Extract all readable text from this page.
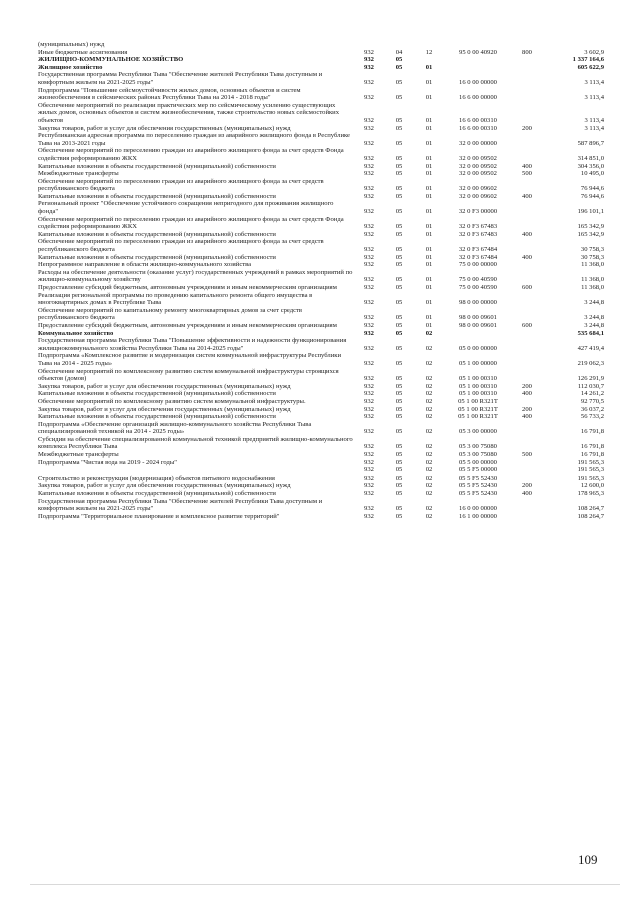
(муниципальных) нужд						
Иные бюджетные ассигнования	932	04	12	95 0 00 40920	800	3 602,9
ЖИЛИЩНО-КОММУНАЛЬНОЕ ХОЗЯЙСТВО	932	05				1 337 164,6
Жилищное хозяйство	932	05	01			605 622,9
Государственная программа Республики Тыва "Обеспечение жителей Республики Тыва доступным и комфортным жильем на 2021-2025 годы"	932	05	01	16 0 00 00000		3 113,4
Подпрограмма "Повышение сейсмоустойчивости жилых домов, основных объектов и систем жизнеобеспечения в сейсмических районах Республики Тыва на 2014 - 2018 годы"	932	05	01	16 6 00 00000		3 113,4
Обеспечение мероприятий по реализации практических мер по сейсмическому усилению существующих жилых домов, основных объектов и систем жизнеобеспечения, также строительство новых сейсмостойких объектов	932	05	01	16 6 00 00310		3 113,4
Закупка товаров, работ и услуг для обеспечения государственных (муниципальных) нужд	932	05	01	16 6 00 00310	200	3 113,4
Республиканская адресная программа по переселению граждан из аварийного жилищного фонда в Республике Тыва на 2013-2021 годы	932	05	01	32 0 00 00000		587 896,7
Обеспечение мероприятий по переселению граждан из аварийного жилищного фонда за счет средств Фонда содействия реформированию ЖКХ	932	05	01	32 0 00 09502		314 851,0
Капитальные вложения в объекты государственной (муниципальной) собственности	932	05	01	32 0 00 09502	400	304 356,0
Межбюджетные трансферты	932	05	01	32 0 00 09502	500	10 495,0
Обеспечение мероприятий по переселению граждан из аварийного жилищного фонда за счет средств республиканского бюджета	932	05	01	32 0 00 09602		76 944,6
Капитальные вложения в объекты государственной (муниципальной) собственности	932	05	01	32 0 00 09602	400	76 944,6
Региональный проект "Обеспечение устойчивого сокращения непригодного для проживания жилищного фонда"	932	05	01	32 0 F3 00000		196 101,1
Обеспечение мероприятий по переселению граждан из аварийного жилищного фонда за счет средств Фонда содействия реформированию ЖКХ	932	05	01	32 0 F3 67483		165 342,9
Капитальные вложения в объекты государственной (муниципальной) собственности	932	05	01	32 0 F3 67483	400	165 342,9
Обеспечение мероприятий по переселению граждан из аварийного жилищного фонда за счет средств республиканского бюджета	932	05	01	32 0 F3 67484		30 758,3
Капитальные вложения в объекты государственной (муниципальной) собственности	932	05	01	32 0 F3 67484	400	30 758,3
Непрограммное направление в области жилищно-коммунального хозяйства	932	05	01	75 0 00 00000		11 368,0
Расходы на обеспечение деятельности (оказание услуг) государственных учреждений в рамках мероприятий по жилищно-коммунальному хозяйству	932	05	01	75 0 00 40590		11 368,0
Предоставление субсидий бюджетным, автономным учреждениям и иным некоммерческим организациям	932	05	01	75 0 00 40590	600	11 368,0
Реализация региональной программы по проведению капитального ремонта общего имущества в многоквартирных домах в Республике Тыва	932	05	01	98 0 00 00000		3 244,8
Обеспечение мероприятий по капитальному ремонту многоквартирных домов за счет средств республиканского бюджета	932	05	01	98 0 00 09601		3 244,8
Предоставление субсидий бюджетным, автономным учреждениям и иным некоммерческим организациям	932	05	01	98 0 00 09601	600	3 244,8
Коммунальное хозяйство	932	05	02			535 684,1
Государственная программа Республики Тыва "Повышение эффективности и надежности функционирования жилищнокоммунального хозяйства Республики Тыва на 2014-2025 годы"	932	05	02	05 0 00 00000		427 419,4
Подпрограмма «Комплексное развитие и модернизация систем коммунальной инфраструктуры Республики Тыва на 2014 - 2025 годы»	932	05	02	05 1 00 00000		219 062,3
Обеспечение мероприятий по комплексному развитию систем коммунальной инфраструктуры строящихся объектов (домов)	932	05	02	05 1 00 00310		126 291,9
Закупка товаров, работ и услуг для обеспечения государственных (муниципальных) нужд	932	05	02	05 1 00 00310	200	112 030,7
Капитальные вложения в объекты государственной (муниципальной) собственности	932	05	02	05 1 00 00310	400	14 261,2
Обеспечение мероприятий по комплексному развитию систем коммунальной инфраструктуры.	932	05	02	05 1 00 R321T		92 770,5
Закупка товаров, работ и услуг для обеспечения государственных (муниципальных) нужд	932	05	02	05 1 00 R321T	200	36 037,2
Капитальные вложения в объекты государственной (муниципальной) собственности	932	05	02	05 1 00 R321T	400	56 733,2
Подпрограмма «Обеспечение организаций жилищно-коммунального хозяйства Республики Тыва специализированной техникой на 2014 - 2025 годы»	932	05	02	05 3 00 00000		16 791,8
Субсидии на обеспечение специализированной коммунальной техникой предприятий жилищно-коммунального комплекса Республики Тыва	932	05	02	05 3 00 75080		16 791,8
Межбюджетные трансферты	932	05	02	05 3 00 75080	500	16 791,8
Подпрограмма "Чистая вода на 2019 - 2024 годы"	932	05	02	05 5 00 00000		191 565,3
	932	05	02	05 5 F5 00000		191 565,3
Строительство и реконструкция (модернизация) объектов питьевого водоснабжения	932	05	02	05 5 F5 52430		191 565,3
Закупка товаров, работ и услуг для обеспечения государственных (муниципальных) нужд	932	05	02	05 5 F5 52430	200	12 600,0
Капитальные вложения в объекты государственной (муниципальной) собственности	932	05	02	05 5 F5 52430	400	178 965,3
Государственная программа Республики Тыва "Обеспечение жителей Республики Тыва доступным и комфортным жильем на 2021-2025 годы"	932	05	02	16 0 00 00000		108 264,7
Подпрограмма "Территориальное планирование и комплексное развитие территорий"	932	05	02	16 1 00 00000		108 264,7
109
